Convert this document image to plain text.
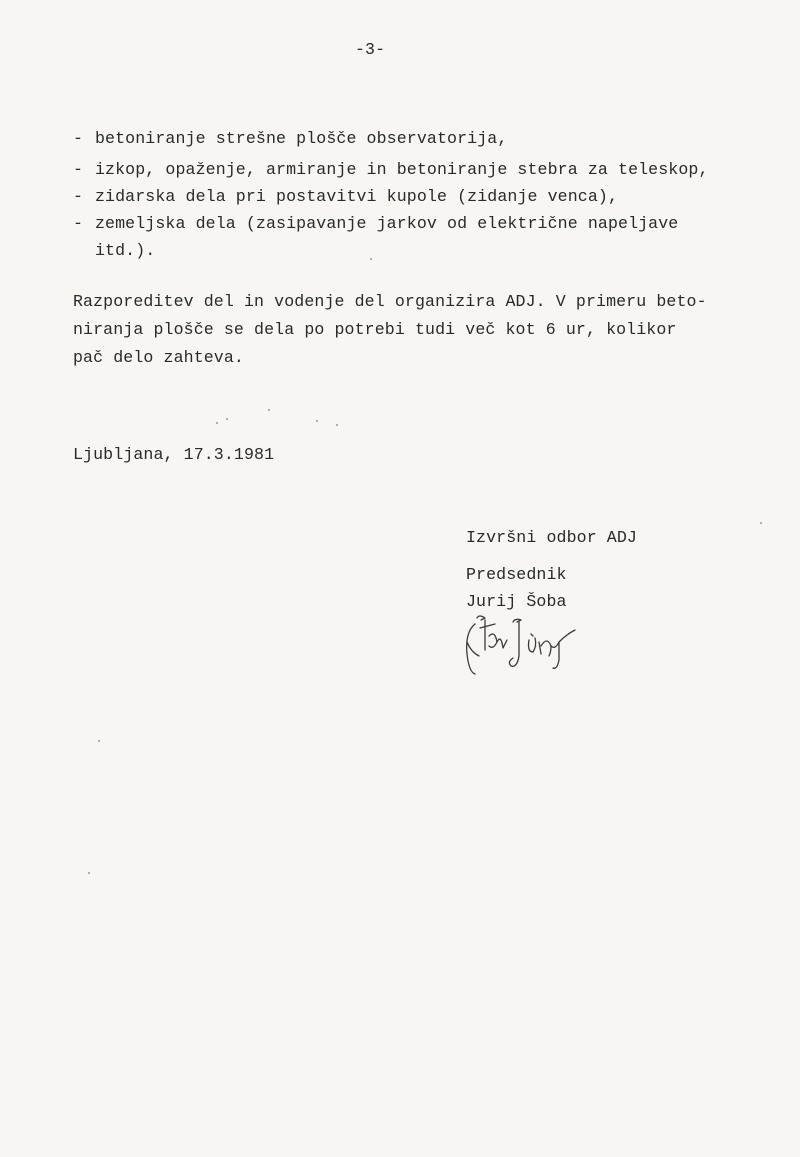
-3-
- betoniranje strešne plošče observatorija,
- izkop, opaženje, armiranje in betoniranje stebra za teleskop,
- zidarska dela pri postavitvi kupole (zidanje venca),
- zemeljska dela (zasipavanje jarkov od električne napeljave
itd.).
Razporeditev del in vodenje del organizira ADJ. V primeru beto-
niranja plošče se dela po potrebi tudi več kot 6 ur, kolikor
pač delo zahteva.
Ljubljana, 17.3.1981
Izvršni odbor ADJ
Predsednik
Jurij Šoba
